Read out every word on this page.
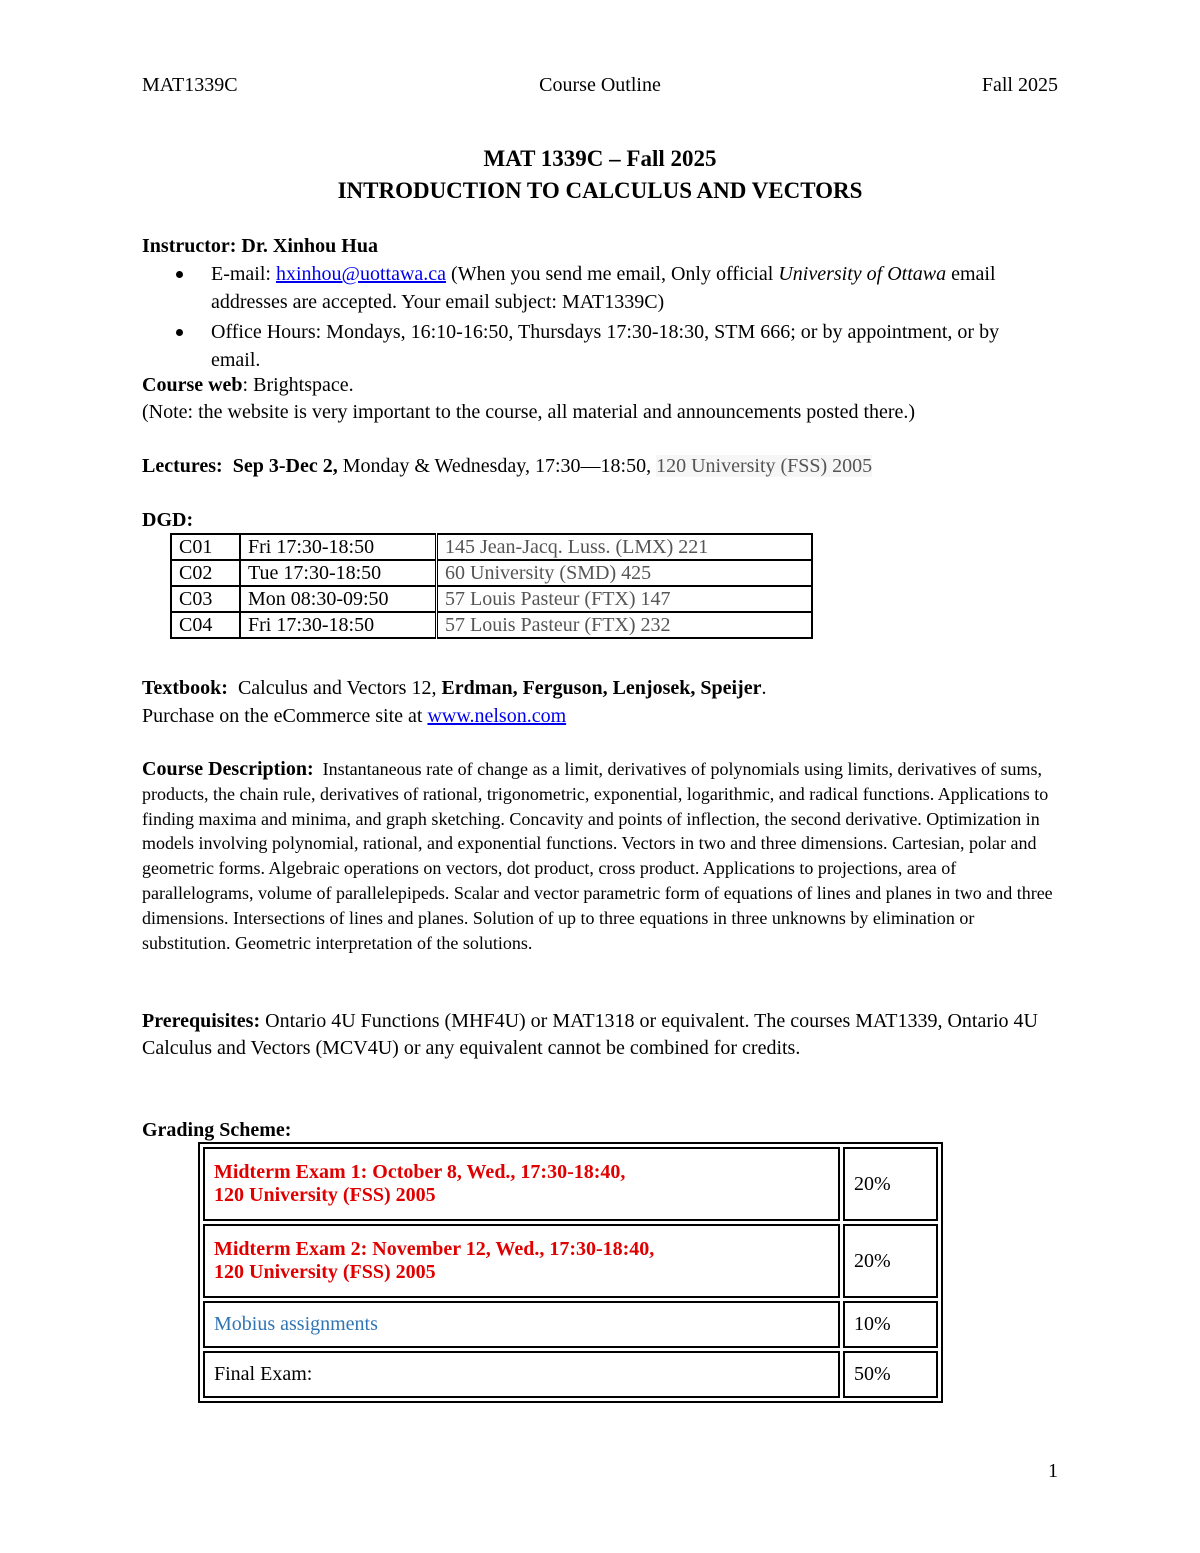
MAT1339C	Course Outline	Fall 2025
MAT 1339C – Fall 2025
INTRODUCTION TO CALCULUS AND VECTORS
Instructor: Dr. Xinhou Hua
E-mail: hxinhou@uottawa.ca (When you send me email, Only official University of Ottawa email addresses are accepted. Your email subject: MAT1339C)
Office Hours: Mondays, 16:10-16:50, Thursdays 17:30-18:30, STM 666; or by appointment, or by email.
Course web: Brightspace.
(Note: the website is very important to the course, all material and announcements posted there.)
Lectures: Sep 3-Dec 2, Monday & Wednesday, 17:30—18:50, 120 University (FSS) 2005
DGD:
C01	Fri 17:30-18:50	145 Jean-Jacq. Luss. (LMX) 221
C02	Tue 17:30-18:50	60 University (SMD) 425
C03	Mon 08:30-09:50	57 Louis Pasteur (FTX) 147
C04	Fri 17:30-18:50	57 Louis Pasteur (FTX) 232
Textbook: Calculus and Vectors 12, Erdman, Ferguson, Lenjosek, Speijer.
Purchase on the eCommerce site at www.nelson.com
Course Description: Instantaneous rate of change as a limit, derivatives of polynomials using limits, derivatives of sums, products, the chain rule, derivatives of rational, trigonometric, exponential, logarithmic, and radical functions. Applications to finding maxima and minima, and graph sketching. Concavity and points of inflection, the second derivative. Optimization in models involving polynomial, rational, and exponential functions. Vectors in two and three dimensions. Cartesian, polar and geometric forms. Algebraic operations on vectors, dot product, cross product. Applications to projections, area of parallelograms, volume of parallelepipeds. Scalar and vector parametric form of equations of lines and planes in two and three dimensions. Intersections of lines and planes. Solution of up to three equations in three unknowns by elimination or substitution. Geometric interpretation of the solutions.
Prerequisites: Ontario 4U Functions (MHF4U) or MAT1318 or equivalent. The courses MAT1339, Ontario 4U Calculus and Vectors (MCV4U) or any equivalent cannot be combined for credits.
Grading Scheme:
Midterm Exam 1: October 8, Wed., 17:30-18:40,
120 University (FSS) 2005	20%

Midterm Exam 2: November 12, Wed., 17:30-18:40,
120 University (FSS) 2005	20%
Mobius assignments	10%
Final Exam:	50%
1
